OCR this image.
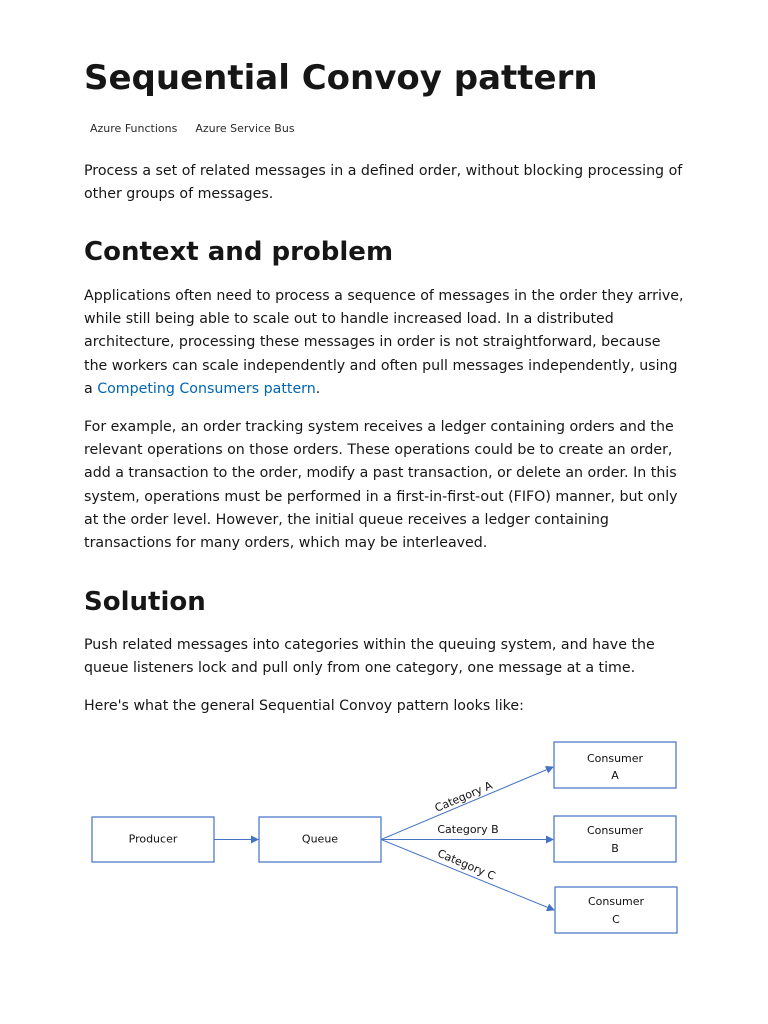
Sequential Convoy pattern
Azure Functions Azure Service Bus

Process a set of related messages in a defined order, without blocking processing of other groups of messages.

Context and problem

Applications often need to process a sequence of messages in the order they arrive, while still being able to scale out to handle increased load. In a distributed architecture, processing these messages in order is not straightforward, because the workers can scale independently and often pull messages independently, using a Competing Consumers pattern.

For example, an order tracking system receives a ledger containing orders and the relevant operations on those orders. These operations could be to create an order, add a transaction to the order, modify a past transaction, or delete an order. In this system, operations must be performed in a first-in-first-out (FIFO) manner, but only at the order level. However, the initial queue receives a ledger containing transactions for many orders, which may be interleaved.

Solution

Push related messages into categories within the queuing system, and have the queue listeners lock and pull only from one category, one message at a time.

Here's what the general Sequential Convoy pattern looks like:

Producer	Queue
Consumer
A
Consumer
B
Consumer
C
Category A
Category B
Category C
